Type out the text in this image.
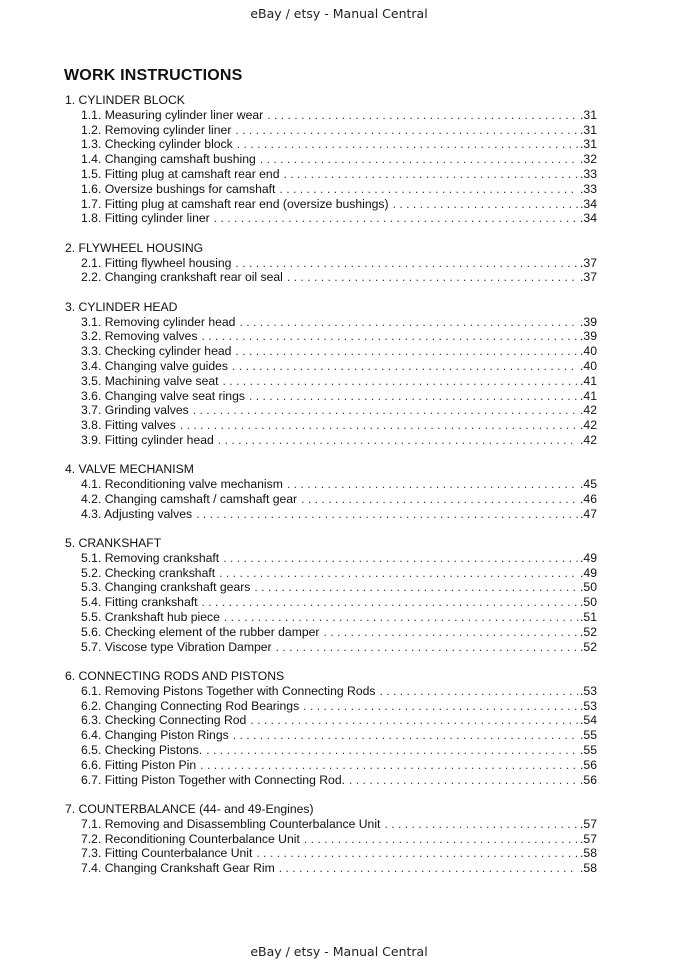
eBay / etsy - Manual Central
WORK INSTRUCTIONS
1. CYLINDER BLOCK
1.1. Measuring cylinder liner wear . . .	.31
1.2. Removing cylinder liner . . .	.31
1.3. Checking cylinder block . . .	.31
1.4. Changing camshaft bushing . . .	.32
1.5. Fitting plug at camshaft rear end . . .	.33
1.6. Oversize bushings for camshaft . . .	.33
1.7. Fitting plug at camshaft rear end (oversize bushings) . . .	.34
1.8. Fitting cylinder liner . . .	.34
2. FLYWHEEL HOUSING
2.1. Fitting flywheel housing . . .	.37
2.2. Changing crankshaft rear oil seal . . .	.37
3. CYLINDER HEAD
3.1. Removing cylinder head . . .	.39
3.2. Removing valves . . .	.39
3.3. Checking cylinder head . . .	.40
3.4. Changing valve guides . . .	.40
3.5. Machining valve seat . . .	.41
3.6. Changing valve seat rings . . .	.41
3.7. Grinding valves . . .	.42
3.8. Fitting valves . . .	.42
3.9. Fitting cylinder head . . .	.42
4. VALVE MECHANISM
4.1. Reconditioning valve mechanism . . .	.45
4.2. Changing camshaft / camshaft gear . . .	.46
4.3. Adjusting valves . . .	.47
5. CRANKSHAFT
5.1. Removing crankshaft . . .	.49
5.2. Checking crankshaft . . .	.49
5.3. Changing crankshaft gears . . .	.50
5.4. Fitting crankshaft . . .	.50
5.5. Crankshaft hub piece . . .	.51
5.6. Checking element of the rubber damper . . .	.52
5.7. Viscose type Vibration Damper . . .	.52
6. CONNECTING RODS AND PISTONS
6.1. Removing Pistons Together with Connecting Rods . . .	.53
6.2. Changing Connecting Rod Bearings . . .	.53
6.3. Checking Connecting Rod . . .	.54
6.4. Changing Piston Rings . . .	.55
6.5. Checking Pistons. . . .	.55
6.6. Fitting Piston Pin . . .	.56
6.7. Fitting Piston Together with Connecting Rod. . . .	.56
7. COUNTERBALANCE (44- and 49-Engines)
7.1. Removing and Disassembling Counterbalance Unit . . .	.57
7.2. Reconditioning Counterbalance Unit . . .	.57
7.3. Fitting Counterbalance Unit . . .	.58
7.4. Changing Crankshaft Gear Rim . . .	.58
eBay / etsy - Manual Central
